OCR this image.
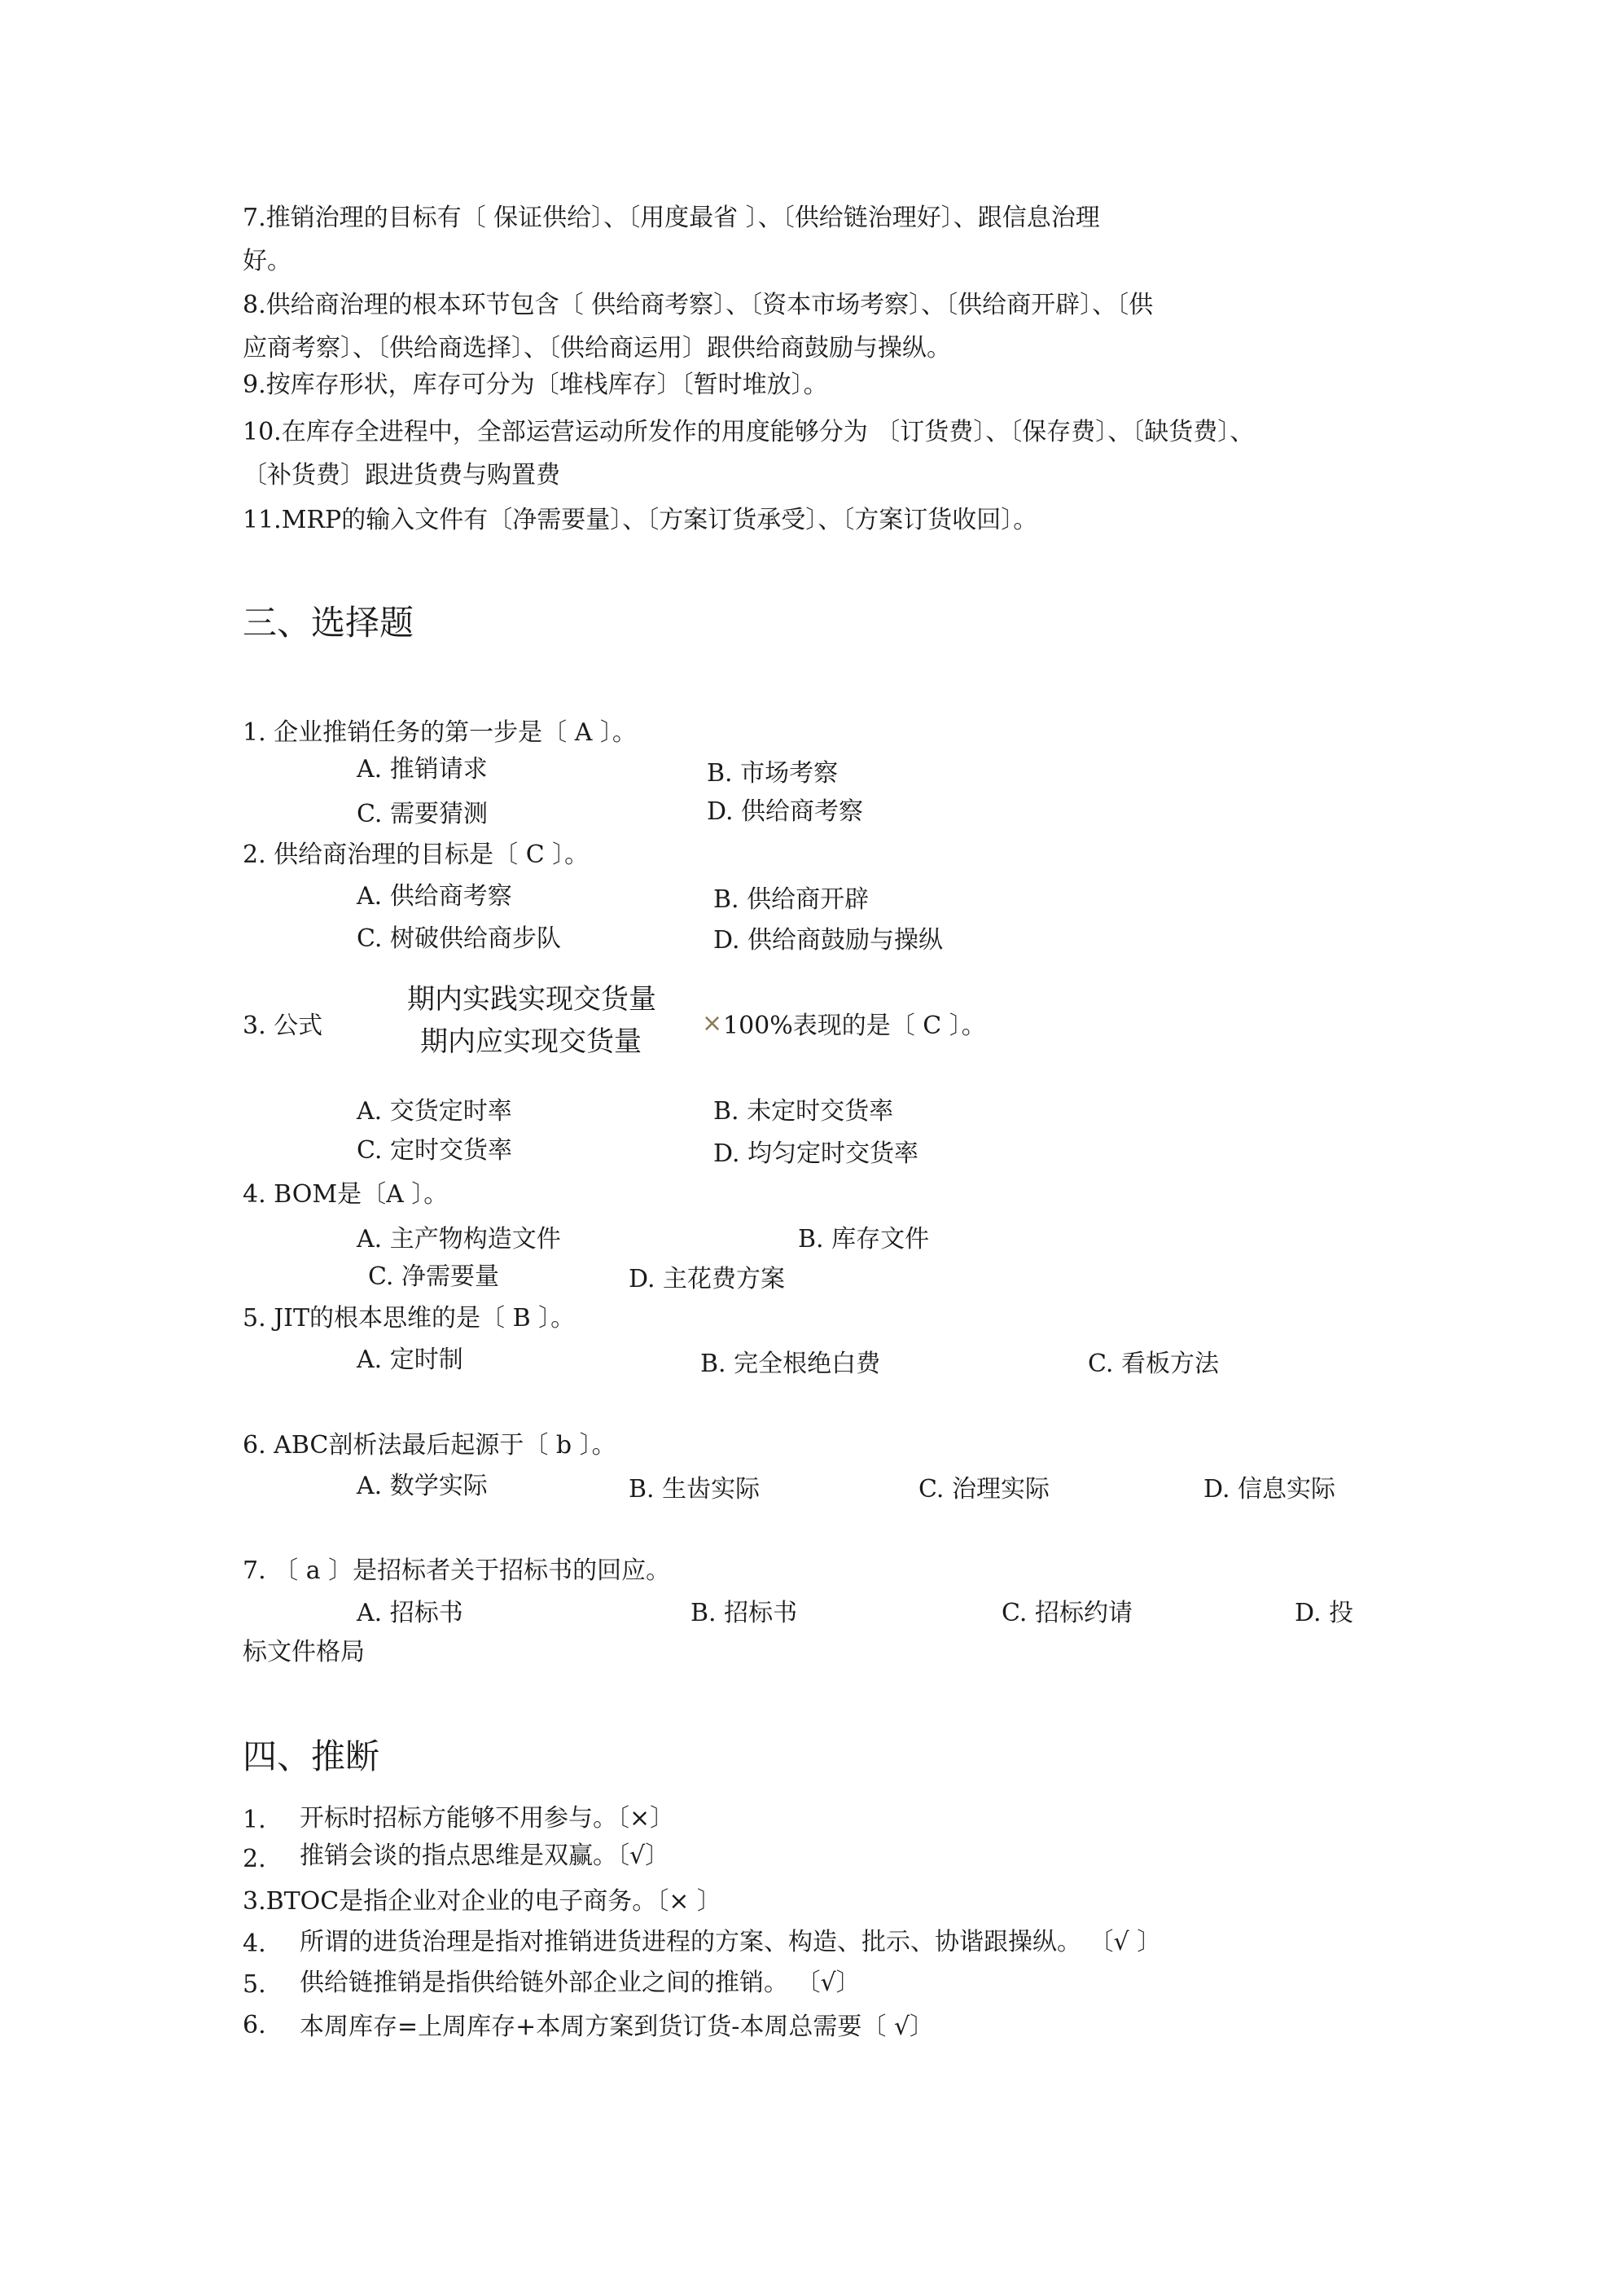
7.推销治理的目标有〔 保证供给〕、〔用度最省 〕、〔供给链治理好〕、跟信息治理
好。
8.供给商治理的根本环节包含〔 供给商考察〕、〔资本市场考察〕、〔供给商开辟〕、〔供
应商考察〕、〔供给商选择〕、〔供给商运用〕跟供给商鼓励与操纵。
9.按库存形状，库存可分为〔堆栈库存〕〔暂时堆放〕。
10.在库存全进程中，全部运营运动所发作的用度能够分为 〔订货费〕、〔保存费〕、〔缺货费〕、
〔补货费〕跟进货费与购置费
11.MRP的输入文件有〔净需要量〕、〔方案订货承受〕、〔方案订货收回〕。
三、选择题
1. 企业推销任务的第一步是〔 A 〕。
A. 推销请求	B. 市场考察
C. 需要猜测	D. 供给商考察
2. 供给商治理的目标是〔 C 〕。
A. 供给商考察	B. 供给商开辟
C. 树破供给商步队	D. 供给商鼓励与操纵
3. 公式
期内实践实现交货量
期内应实现交货量
× 100%表现的是〔 C 〕。
A. 交货定时率	B. 未定时交货率
C. 定时交货率	D. 均匀定时交货率
4. BOM是〔A 〕。
A. 主产物构造文件	B. 库存文件
C. 净需要量	D. 主花费方案
5. JIT的根本思维的是〔 B 〕。
A. 定时制	B. 完全根绝白费	C. 看板方法
6. ABC剖析法最后起源于〔 b 〕。
A. 数学实际	B. 生齿实际	C. 治理实际	D. 信息实际
7. 〔 a 〕是招标者关于招标书的回应。
A. 招标书	B. 招标书	C. 招标约请	D. 投
标文件格局
四、推断
1. 开标时招标方能够不用参与。〔×〕
2. 推销会谈的指点思维是双赢。〔√〕
3.BTOC是指企业对企业的电子商务。〔× 〕
4. 所谓的进货治理是指对推销进货进程的方案、构造、批示、协谐跟操纵。 〔√ 〕
5. 供给链推销是指供给链外部企业之间的推销。 〔√〕
6. 本周库存=上周库存+本周方案到货订货-本周总需要〔 √〕
